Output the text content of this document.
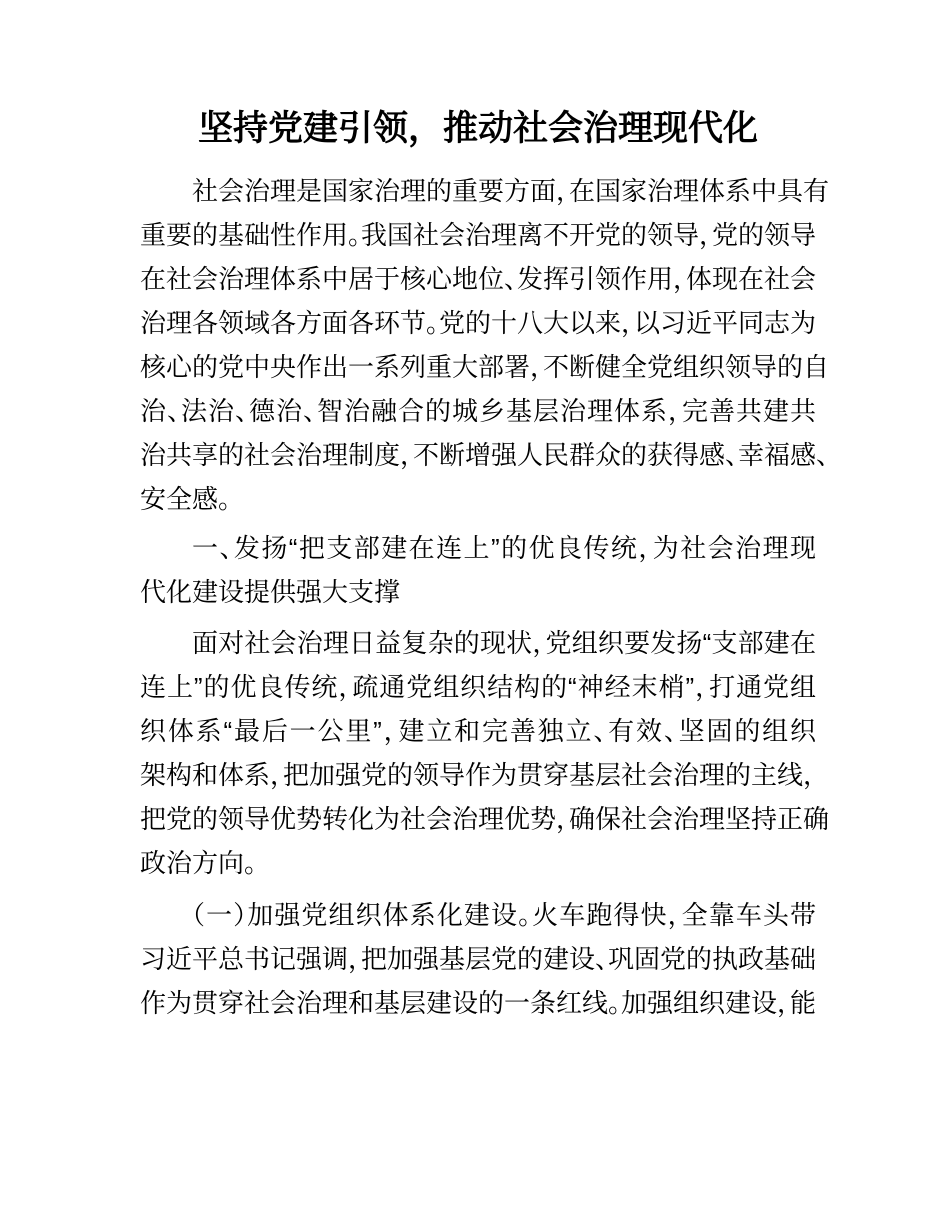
坚持党建引领，推动社会治理现代化
社会治理是国家治理的重要方面，在国家治理体系中具有
重要的基础性作用。我国社会治理离不开党的领导，党的领导
在社会治理体系中居于核心地位、发挥引领作用，体现在社会
治理各领域各方面各环节。党的十八大以来，以习近平同志为
核心的党中央作出一系列重大部署，不断健全党组织领导的自
治、法治、德治、智治融合的城乡基层治理体系，完善共建共
治共享的社会治理制度，不断增强人民群众的获得感、幸福感、
安全感。
一、发扬“把支部建在连上”的优良传统，为社会治理现
代化建设提供强大支撑
面对社会治理日益复杂的现状，党组织要发扬“支部建在
连上”的优良传统，疏通党组织结构的“神经末梢”，打通党组
织体系“最后一公里”，建立和完善独立、有效、坚固的组织
架构和体系，把加强党的领导作为贯穿基层社会治理的主线，
把党的领导优势转化为社会治理优势，确保社会治理坚持正确
政治方向。
（一）加强党组织体系化建设。火车跑得快，全靠车头带
习近平总书记强调，把加强基层党的建设、巩固党的执政基础
作为贯穿社会治理和基层建设的一条红线。加强组织建设，能
